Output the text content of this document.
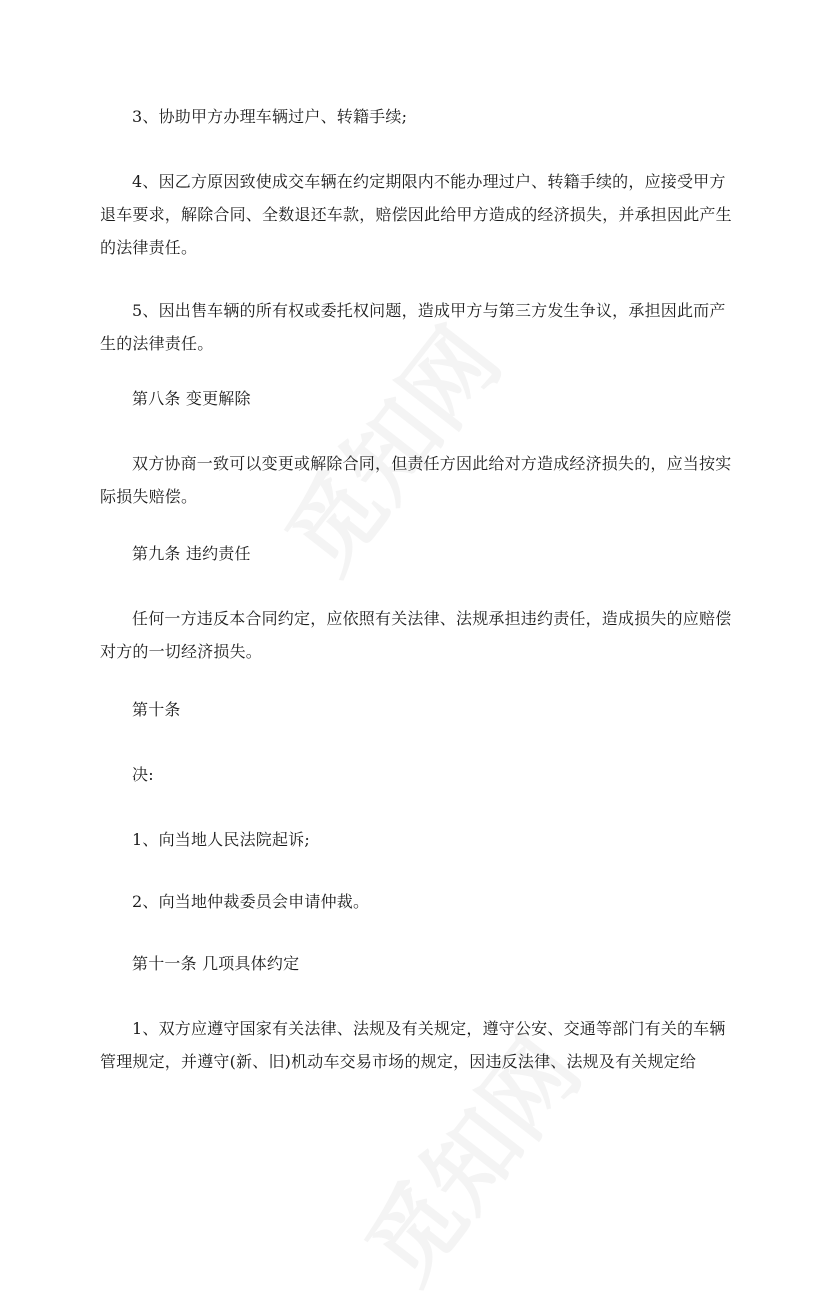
3、协助甲方办理车辆过户、转籍手续;

4、因乙方原因致使成交车辆在约定期限内不能办理过户、转籍手续的，应接受甲方退车要求，解除合同、全数退还车款，赔偿因此给甲方造成的经济损失，并承担因此产生的法律责任。

5、因出售车辆的所有权或委托权问题，造成甲方与第三方发生争议，承担因此而产生的法律责任。

第八条 变更解除

双方协商一致可以变更或解除合同，但责任方因此给对方造成经济损失的，应当按实际损失赔偿。

第九条 违约责任

任何一方违反本合同约定，应依照有关法律、法规承担违约责任，造成损失的应赔偿对方的一切经济损失。

第十条

决:

1、向当地人民法院起诉;

2、向当地仲裁委员会申请仲裁。

第十一条 几项具体约定

1、双方应遵守国家有关法律、法规及有关规定，遵守公安、交通等部门有关的车辆管理规定，并遵守(新、旧)机动车交易市场的规定，因违反法律、法规及有关规定给
